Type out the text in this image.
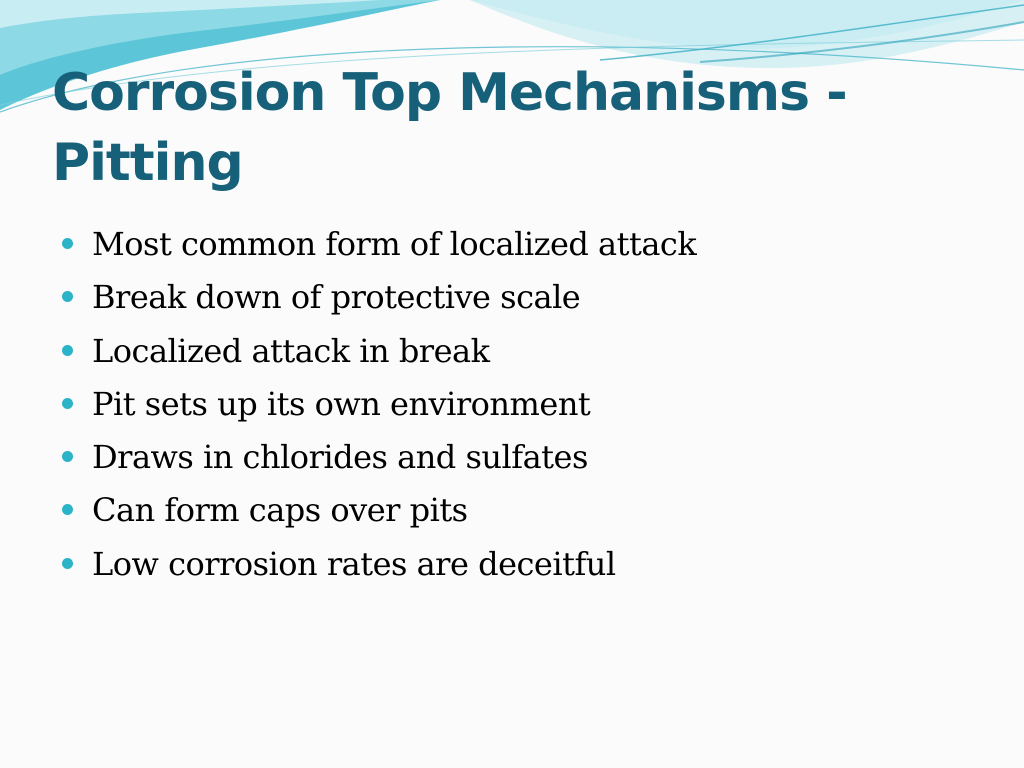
Corrosion Top Mechanisms - Pitting
Most common form of localized attack
Break down of protective scale
Localized attack in break
Pit sets up its own environment
Draws in chlorides and sulfates
Can form caps over pits
Low corrosion rates are deceitful
